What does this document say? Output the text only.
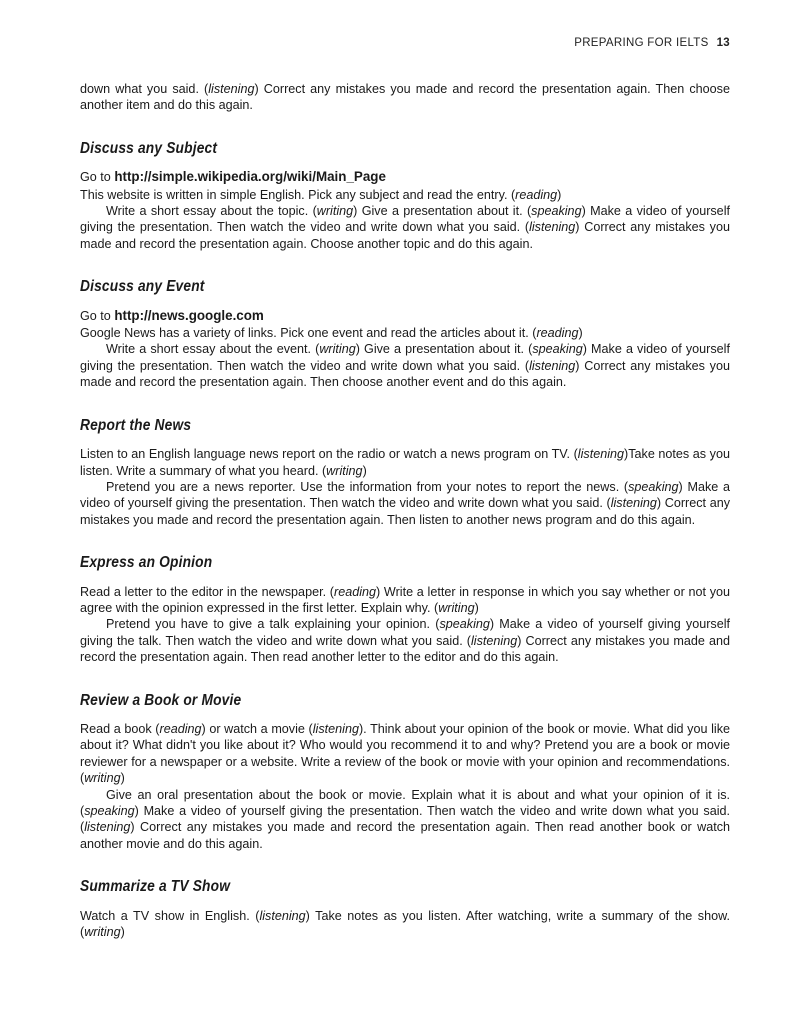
PREPARING FOR IELTS 13

down what you said. (listening) Correct any mistakes you made and record the presentation again. Then choose another item and do this again.

Discuss any Subject

Go to http://simple.wikipedia.org/wiki/Main_Page

This website is written in simple English. Pick any subject and read the entry. (reading)

Write a short essay about the topic. (writing) Give a presentation about it. (speaking) Make a video of yourself giving the presentation. Then watch the video and write down what you said. (listening) Correct any mistakes you made and record the presentation again. Choose another topic and do this again.

Discuss any Event

Go to http://news.google.com

Google News has a variety of links. Pick one event and read the articles about it. (reading)

Write a short essay about the event. (writing) Give a presentation about it. (speaking) Make a video of yourself giving the presentation. Then watch the video and write down what you said. (listening) Correct any mistakes you made and record the presentation again. Then choose another event and do this again.

Report the News

Listen to an English language news report on the radio or watch a news program on TV. (listening)Take notes as you listen. Write a summary of what you heard. (writing)

Pretend you are a news reporter. Use the information from your notes to report the news. (speaking) Make a video of yourself giving the presentation. Then watch the video and write down what you said. (listening) Correct any mistakes you made and record the presentation again. Then listen to another news program and do this again.

Express an Opinion

Read a letter to the editor in the newspaper. (reading) Write a letter in response in which you say whether or not you agree with the opinion expressed in the first letter. Explain why. (writing)

Pretend you have to give a talk explaining your opinion. (speaking) Make a video of yourself giving yourself giving the talk. Then watch the video and write down what you said. (listening) Correct any mistakes you made and record the presentation again. Then read another letter to the editor and do this again.

Review a Book or Movie

Read a book (reading) or watch a movie (listening). Think about your opinion of the book or movie. What did you like about it? What didn't you like about it? Who would you recommend it to and why? Pretend you are a book or movie reviewer for a newspaper or a website. Write a review of the book or movie with your opinion and recommendations. (writing)

Give an oral presentation about the book or movie. Explain what it is about and what your opinion of it is. (speaking) Make a video of yourself giving the presentation. Then watch the video and write down what you said. (listening) Correct any mistakes you made and record the presentation again. Then read another book or watch another movie and do this again.

Summarize a TV Show

Watch a TV show in English. (listening) Take notes as you listen. After watching, write a summary of the show. (writing)
